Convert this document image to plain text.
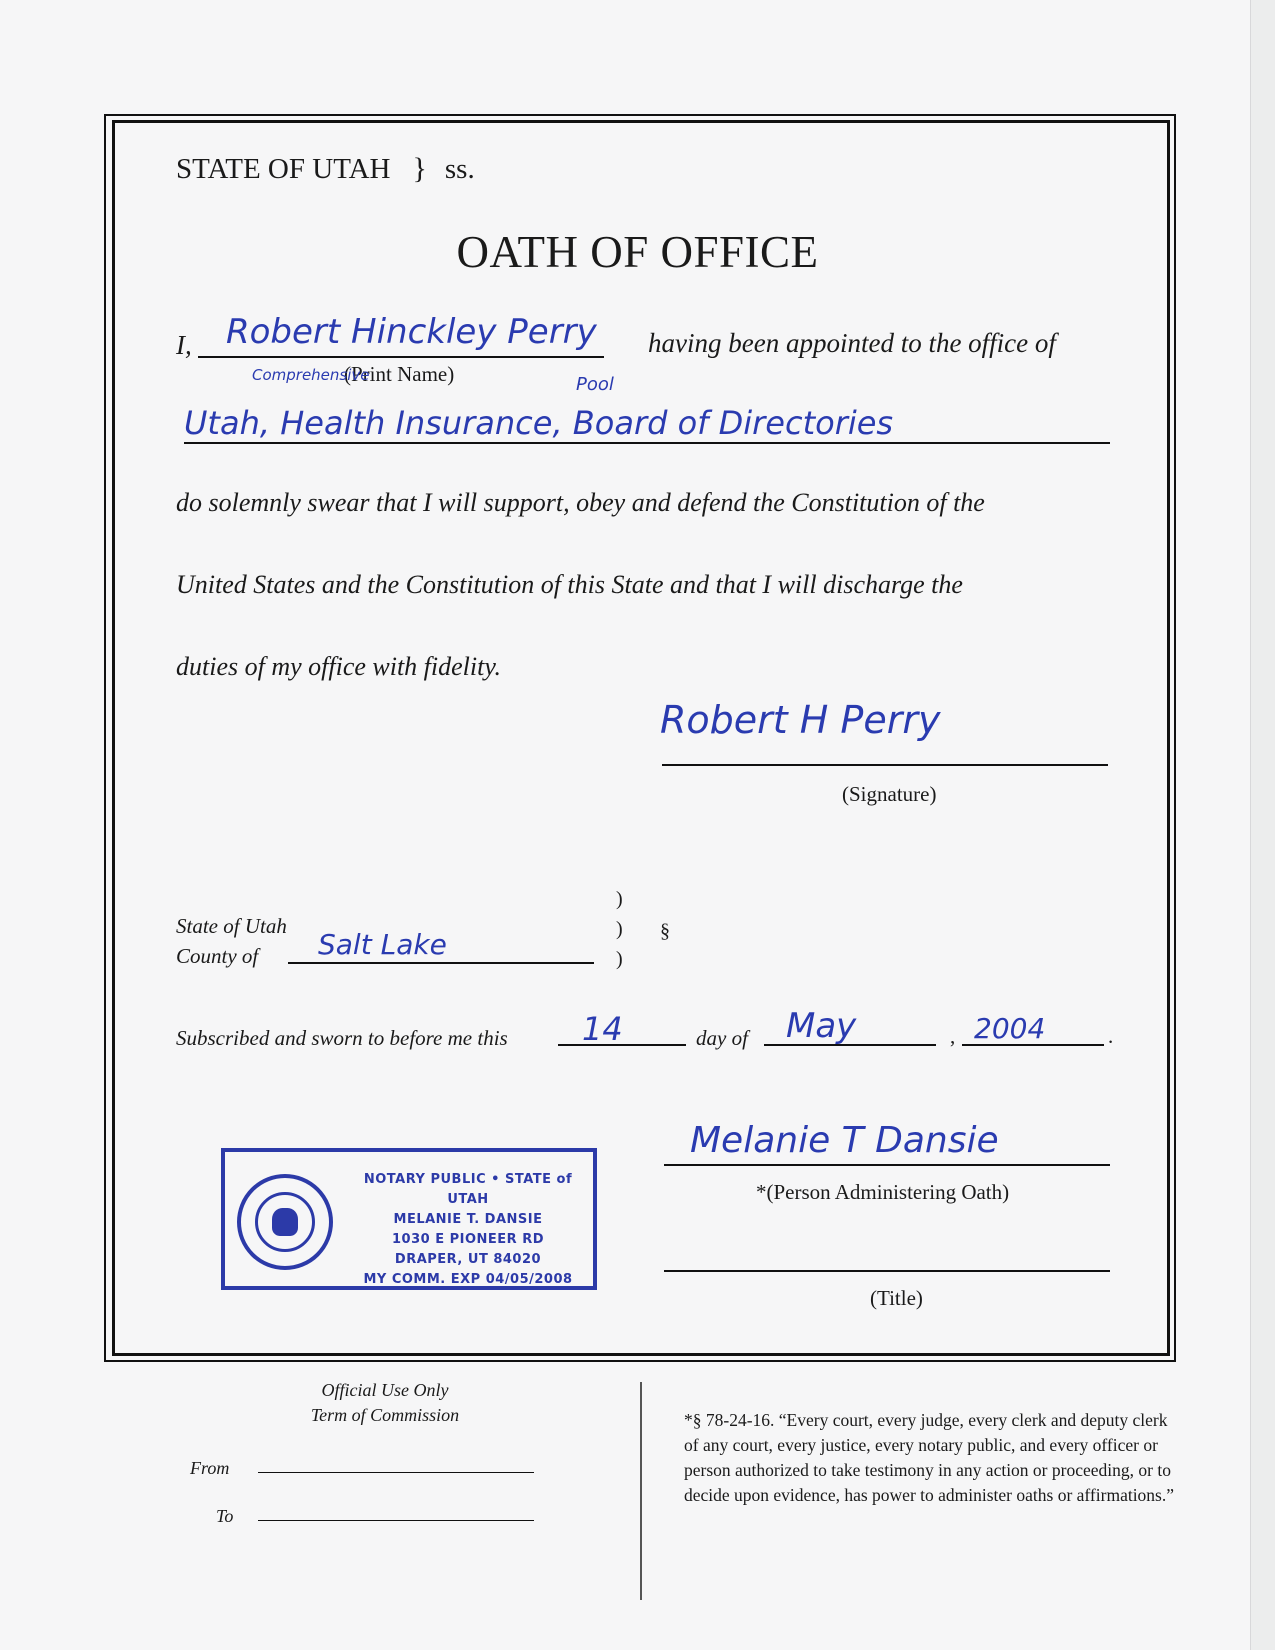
STATE OF UTAH } ss.
OATH OF OFFICE
I, Robert Hinckley Perry having been appointed to the office of
(Print Name)
Comprehensive	Pool
Utah, Health Insurance, Board of Directories
do solemnly swear that I will support, obey and defend the Constitution of the
United States and the Constitution of this State and that I will discharge the
duties of my office with fidelity.
Robert H Perry
(Signature)
State of Utah
County of Salt Lake
)
)
)
§
Subscribed and sworn to before me this 14	day of May	, 2004	.
NOTARY PUBLIC • STATE of UTAH
MELANIE T. DANSIE
1030 E PIONEER RD
DRAPER, UT 84020
MY COMM. EXP 04/05/2008
Melanie T Dansie
*(Person Administering Oath)
(Title)
Official Use Only
Term of Commission
From
To
*§ 78-24-16. “Every court, every judge, every clerk and deputy clerk of any court, every justice, every notary public, and every officer or person authorized to take testimony in any action or proceeding, or to decide upon evidence, has power to administer oaths or affirmations.”
